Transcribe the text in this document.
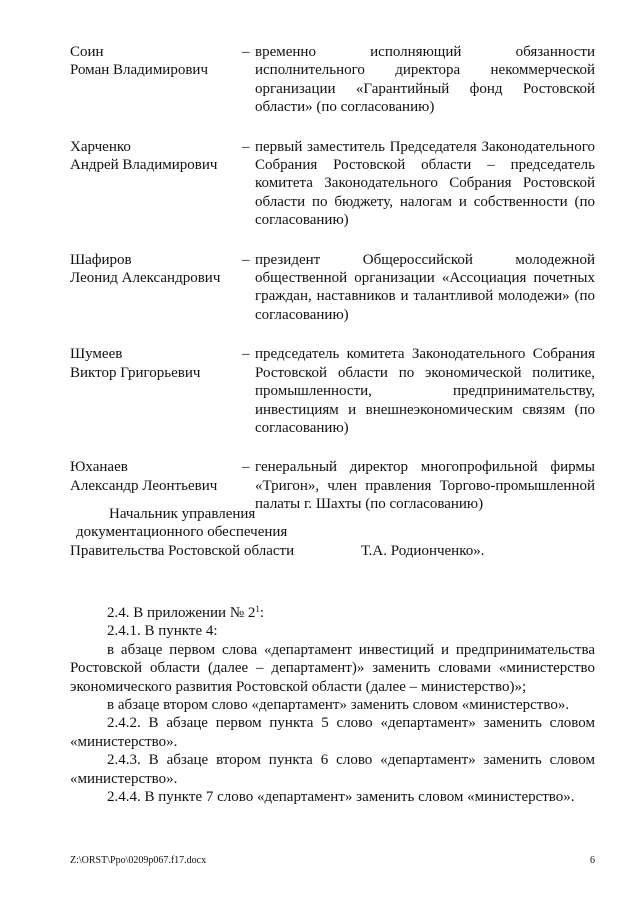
Соин
Роман Владимирович
– временно исполняющий обязанности исполнительного директора некоммерческой организации «Гарантийный фонд Ростовской области» (по согласованию)
Харченко
Андрей Владимирович
– первый заместитель Председателя Законодательного Собрания Ростовской области – председатель комитета Законодательного Собрания Ростовской области по бюджету, налогам и собственности (по согласованию)
Шафиров
Леонид Александрович
– президент Общероссийской молодежной общественной организации «Ассоциация почетных граждан, наставников и талантливой молодежи» (по согласованию)
Шумеев
Виктор Григорьевич
– председатель комитета Законодательного Собрания Ростовской области по экономической политике, промышленности, предпринимательству, инвестициям и внешнеэкономическим связям (по согласованию)
Юханаев
Александр Леонтьевич
– генеральный директор многопрофильной фирмы «Тригон», член правления Торгово-промышленной палаты г. Шахты (по согласованию)
Начальник управления
документационного обеспечения
Правительства Ростовской области	Т.А. Родионченко».

2.4. В приложении № $2^1$:

2.4.1. В пункте 4:

в абзаце первом слова «департамент инвестиций и предпринимательства Ростовской области (далее – департамент)» заменить словами «министерство экономического развития Ростовской области (далее – министерство)»;

в абзаце втором слово «департамент» заменить словом «министерство».

2.4.2. В абзаце первом пункта 5 слово «департамент» заменить словом «министерство».

2.4.3. В абзаце втором пункта 6 слово «департамент» заменить словом «министерство».

2.4.4. В пункте 7 слово «департамент» заменить словом «министерство».

Z:\ORST\Ppo\0209p067.f17.docx	6
